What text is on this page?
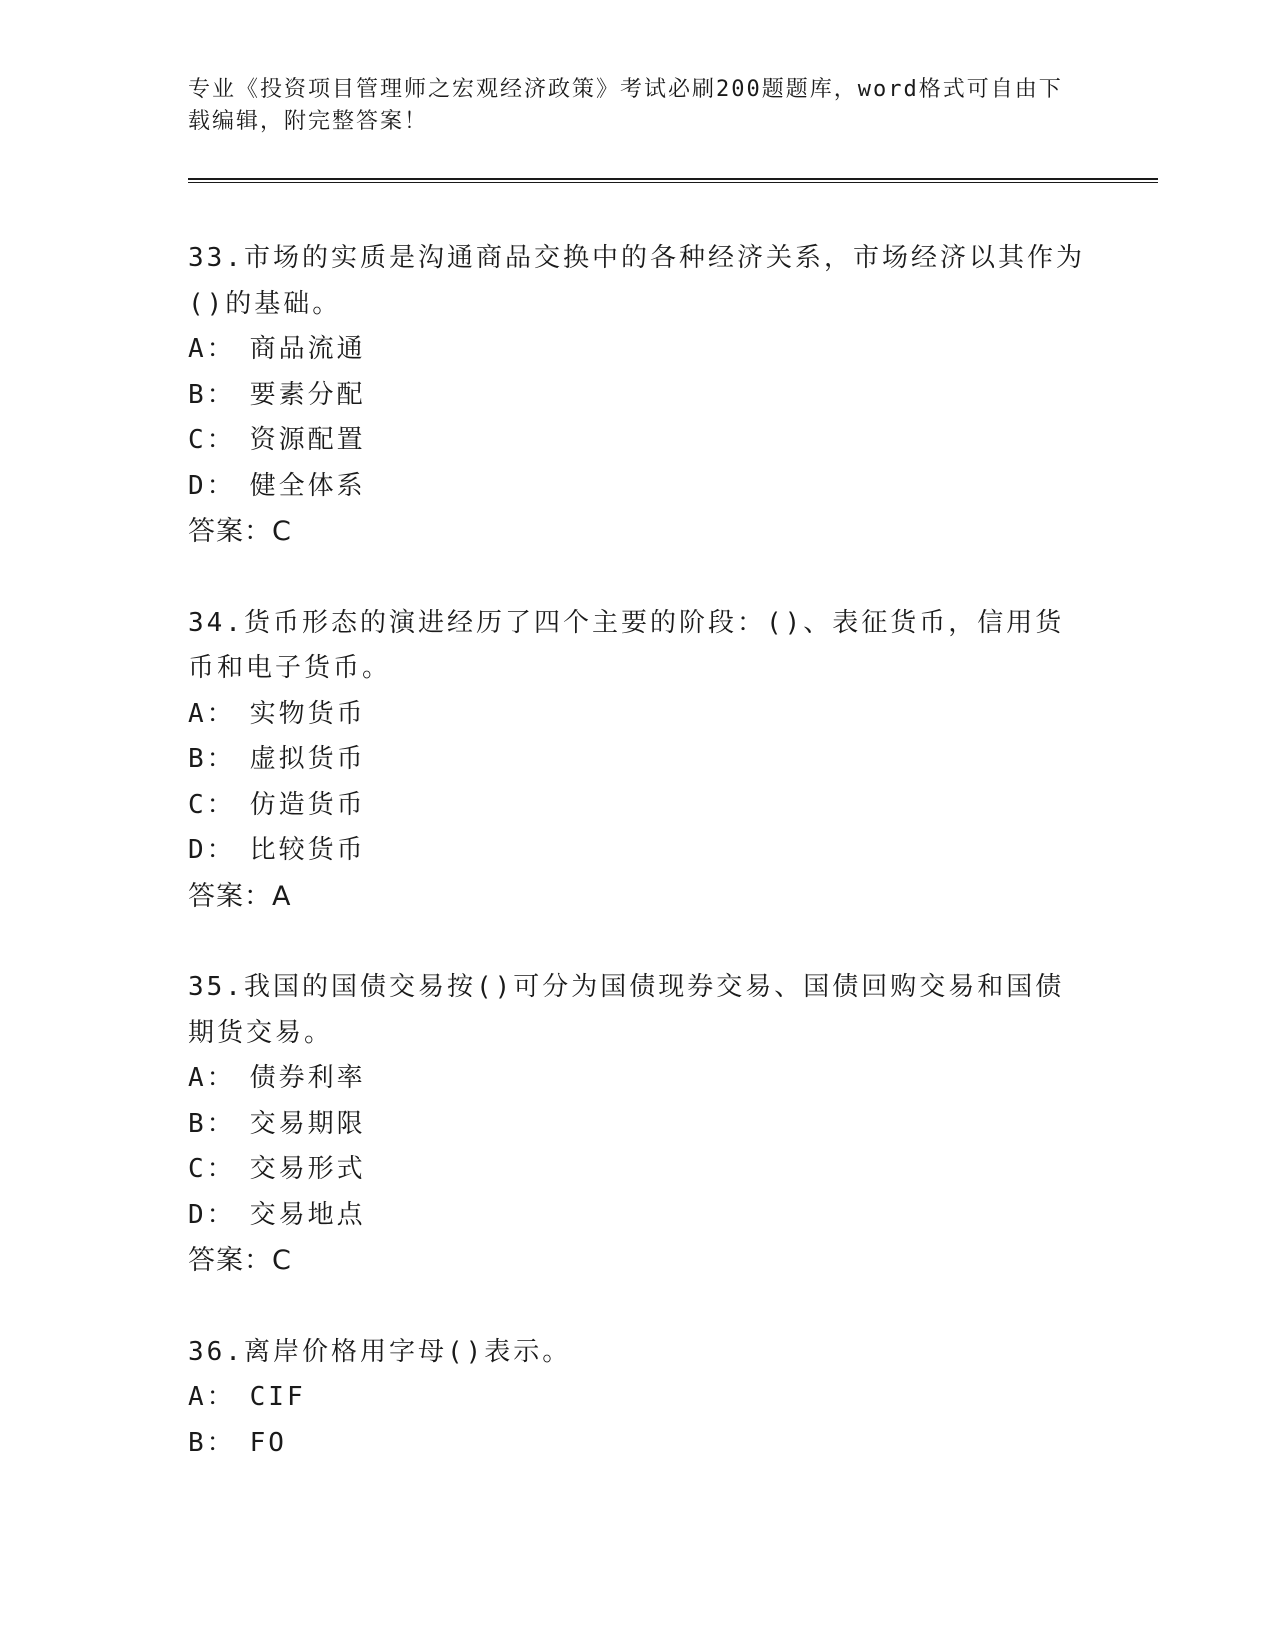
专业《投资项目管理师之宏观经济政策》考试必刷200题题库，word格式可自由下载编辑，附完整答案！
33.市场的实质是沟通商品交换中的各种经济关系，市场经济以其作为()的基础。
A： 商品流通
B： 要素分配
C： 资源配置
D： 健全体系
答案：C
34.货币形态的演进经历了四个主要的阶段：()、表征货币，信用货币和电子货币。
A： 实物货币
B： 虚拟货币
C： 仿造货币
D： 比较货币
答案：A
35.我国的国债交易按()可分为国债现券交易、国债回购交易和国债期货交易。
A： 债券利率
B： 交易期限
C： 交易形式
D： 交易地点
答案：C
36.离岸价格用字母()表示。
A： CIF
B： FO
